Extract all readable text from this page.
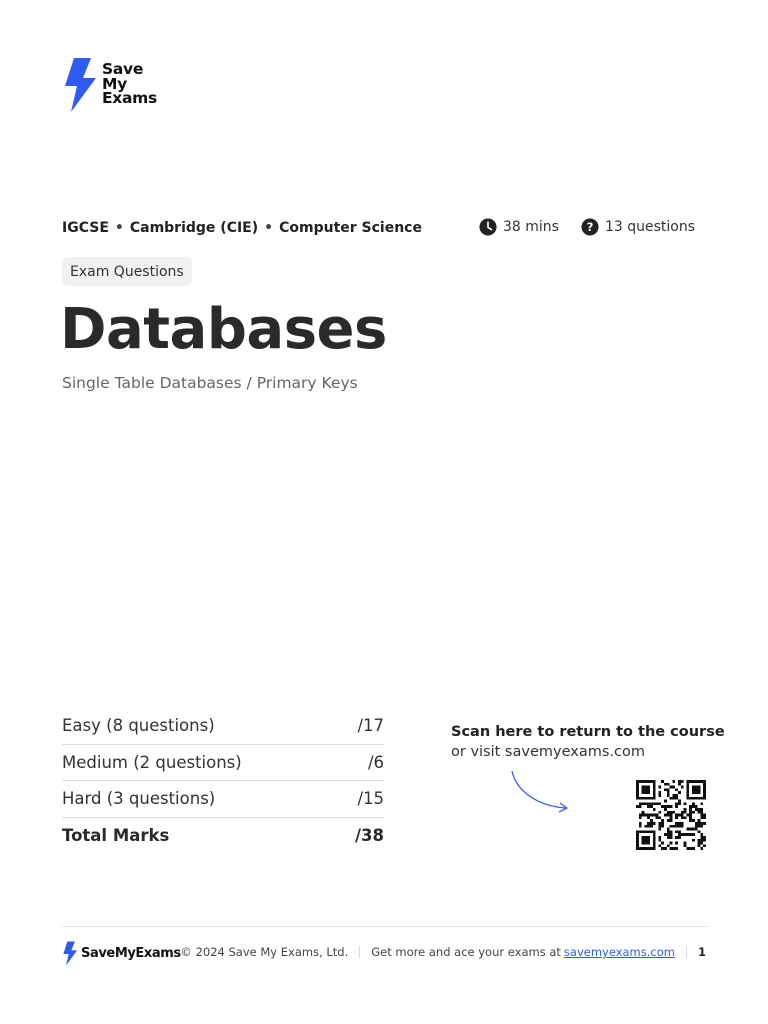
Save
My
Exams
IGCSE • Cambridge (CIE) • Computer Science	38 mins ? 13 questions
Exam Questions
Databases
Single Table Databases / Primary Keys
Easy (8 questions)	/17
Medium (2 questions)	/6
Hard (3 questions)	/15
Total Marks	/38
Scan here to return to the course
or visit savemyexams.com
SaveMyExams © 2024 Save My Exams, Ltd. Get more and ace your exams at savemyexams.com 1
